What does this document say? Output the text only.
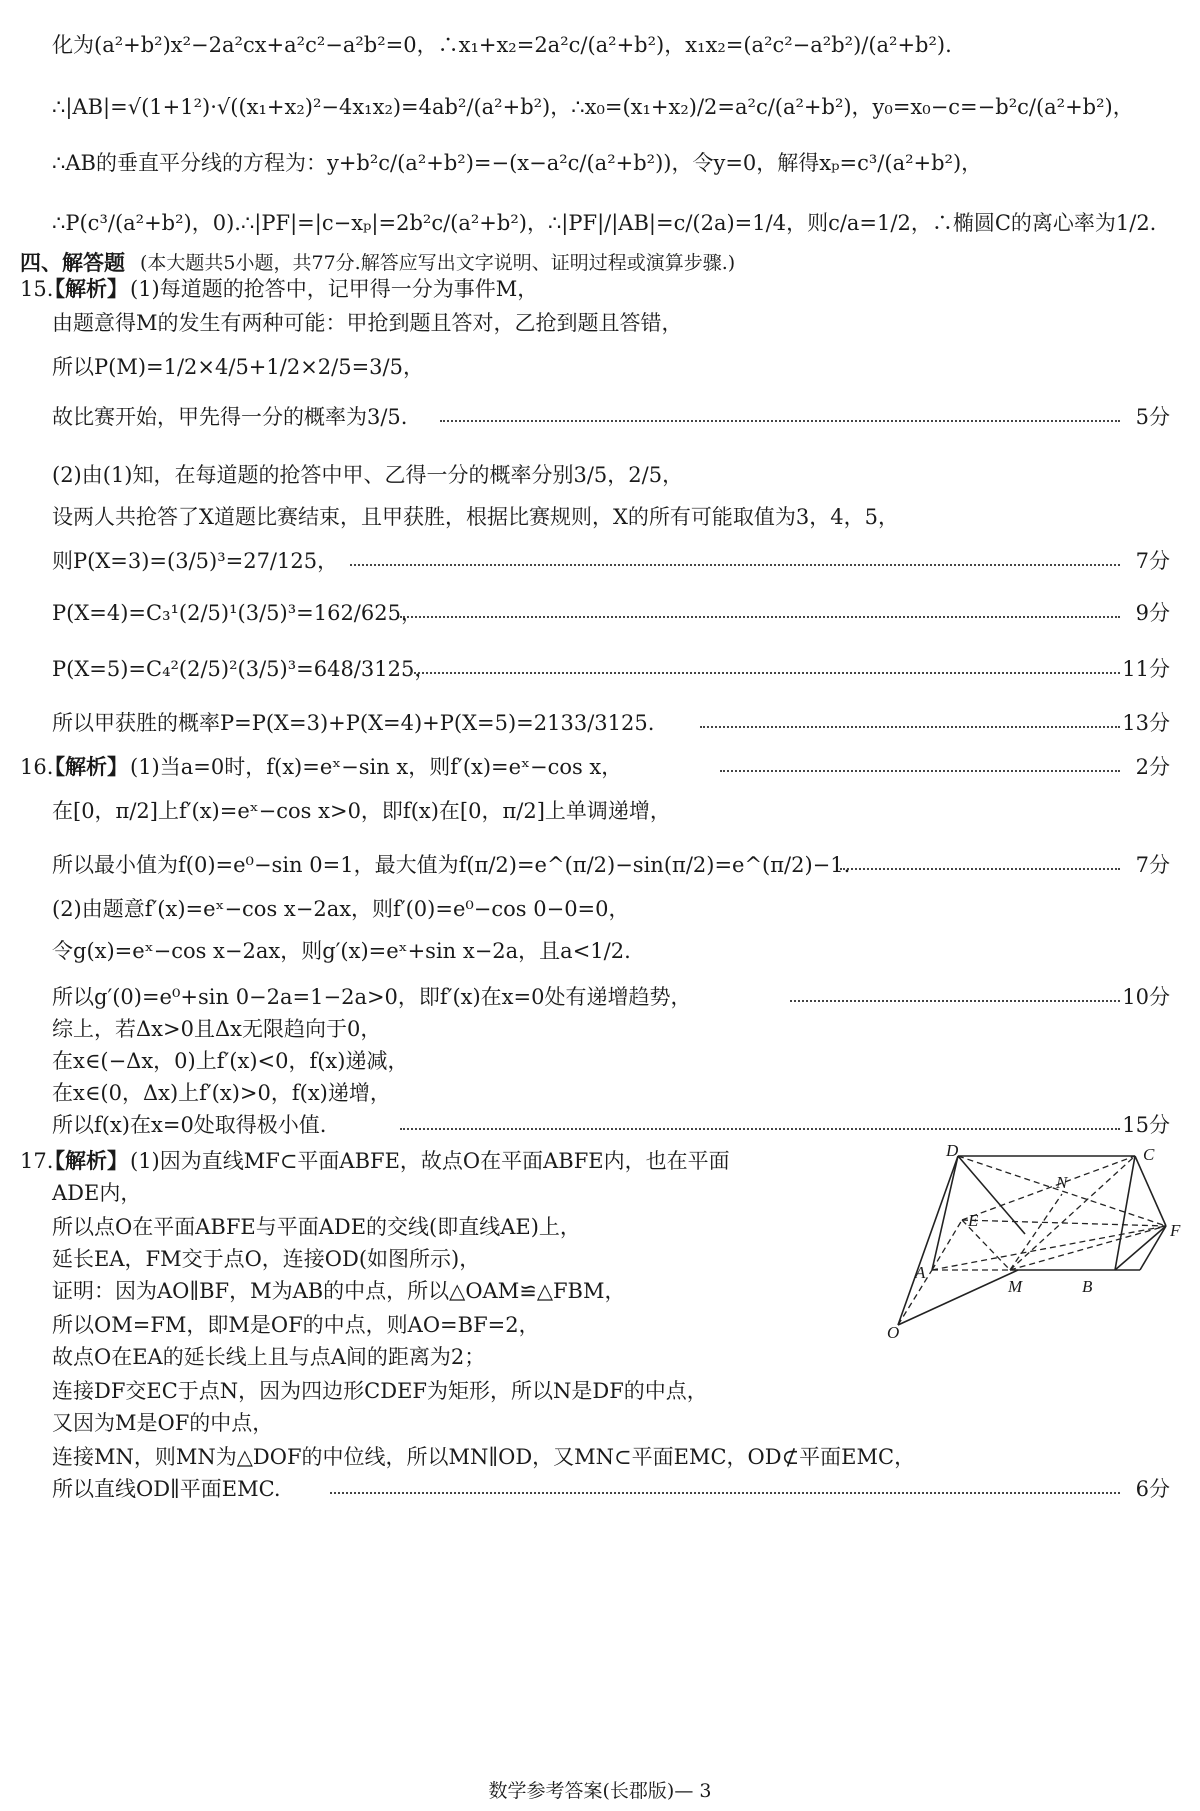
化为(a²+b²)x²−2a²cx+a²c²−a²b²=0，∴x₁+x₂=2a²c/(a²+b²)，x₁x₂=(a²c²−a²b²)/(a²+b²).
∴|AB|=√(1+1²)·√((x₁+x₂)²−4x₁x₂)=4ab²/(a²+b²)，∴x₀=(x₁+x₂)/2=a²c/(a²+b²)，y₀=x₀−c=−b²c/(a²+b²)，
∴AB的垂直平分线的方程为：y+b²c/(a²+b²)=−(x−a²c/(a²+b²))，令y=0，解得xₚ=c³/(a²+b²)，
∴P(c³/(a²+b²)，0).∴|PF|=|c−xₚ|=2b²c/(a²+b²)，∴|PF|/|AB|=c/(2a)=1/4，则c/a=1/2，∴椭圆C的离心率为1/2.
四、解答题 (本大题共5小题，共77分.解答应写出文字说明、证明过程或演算步骤.)
15.
【解析】 (1)每道题的抢答中，记甲得一分为事件M，
由题意得M的发生有两种可能：甲抢到题且答对，乙抢到题且答错，
所以P(M)=1/2×4/5+1/2×2/5=3/5，
故比赛开始，甲先得一分的概率为3/5.	5分
(2)由(1)知，在每道题的抢答中甲、乙得一分的概率分别3/5，2/5，
设两人共抢答了X道题比赛结束，且甲获胜，根据比赛规则，X的所有可能取值为3，4，5，
则P(X=3)=(3/5)³=27/125，	7分
P(X=4)=C₃¹(2/5)¹(3/5)³=162/625，	9分
P(X=5)=C₄²(2/5)²(3/5)³=648/3125，	11分
所以甲获胜的概率P=P(X=3)+P(X=4)+P(X=5)=2133/3125.	13分
16.
【解析】 (1)当a=0时，f(x)=eˣ−sin x，则f′(x)=eˣ−cos x，	2分
在[0，π/2]上f′(x)=eˣ−cos x>0，即f(x)在[0，π/2]上单调递增，
所以最小值为f(0)=e⁰−sin 0=1，最大值为f(π/2)=e^(π/2)−sin(π/2)=e^(π/2)−1.	7分
(2)由题意f′(x)=eˣ−cos x−2ax，则f′(0)=e⁰−cos 0−0=0，
令g(x)=eˣ−cos x−2ax，则g′(x)=eˣ+sin x−2a，且a<1/2.
所以g′(0)=e⁰+sin 0−2a=1−2a>0，即f′(x)在x=0处有递增趋势，	10分
综上，若Δx>0且Δx无限趋向于0，
在x∈(−Δx，0)上f′(x)<0，f(x)递减，
在x∈(0，Δx)上f′(x)>0，f(x)递增，
所以f(x)在x=0处取得极小值.	15分
17.
【解析】 (1)因为直线MF⊂平面ABFE，故点O在平面ABFE内，也在平面
ADE内，
所以点O在平面ABFE与平面ADE的交线(即直线AE)上，
延长EA，FM交于点O，连接OD(如图所示)，
证明：因为AO∥BF，M为AB的中点，所以△OAM≌△FBM，
所以OM=FM，即M是OF的中点，则AO=BF=2，
故点O在EA的延长线上且与点A间的距离为2；
连接DF交EC于点N，因为四边形CDEF为矩形，所以N是DF的中点，
又因为M是OF的中点，
连接MN，则MN为△DOF的中位线，所以MN∥OD，又MN⊂平面EMC，OD⊄平面EMC，
所以直线OD∥平面EMC.	6分
D	C
N
E
F
A
M	B
O
数学参考答案(长郡版)— 3
